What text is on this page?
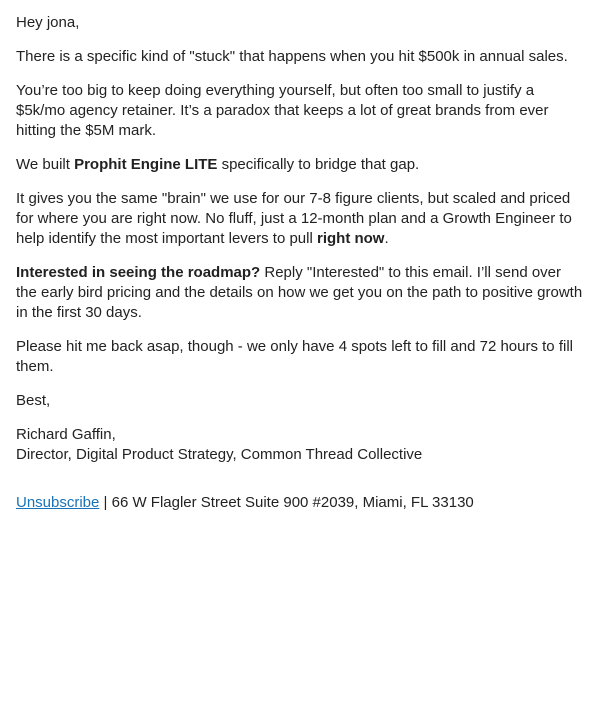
Hey jona,

There is a specific kind of "stuck" that happens when you hit $500k in annual sales.

You’re too big to keep doing everything yourself, but often too small to justify a $5k/mo agency retainer. It’s a paradox that keeps a lot of great brands from ever hitting the $5M mark.

We built Prophit Engine LITE specifically to bridge that gap.

It gives you the same "brain" we use for our 7-8 figure clients, but scaled and priced for where you are right now. No fluff, just a 12-month plan and a Growth Engineer to help identify the most important levers to pull right now.

Interested in seeing the roadmap? Reply "Interested" to this email. I’ll send over the early bird pricing and the details on how we get you on the path to positive growth in the first 30 days.

Please hit me back asap, though - we only have 4 spots left to fill and 72 hours to fill them.

Best,

Richard Gaffin,
Director, Digital Product Strategy, Common Thread Collective

Unsubscribe | 66 W Flagler Street Suite 900 #2039, Miami, FL 33130
